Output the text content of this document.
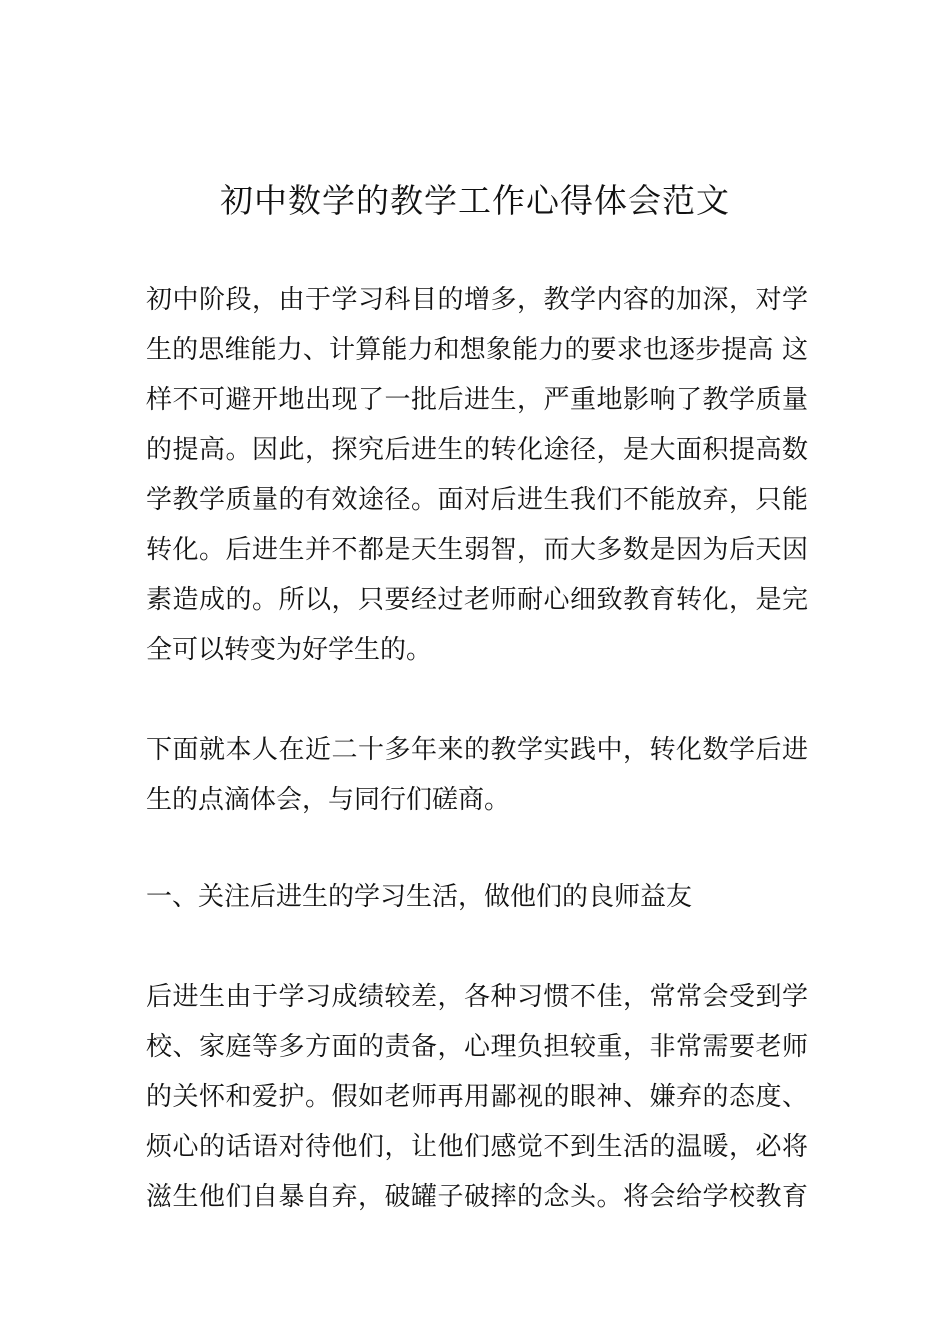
初中数学的教学工作心得体会范文
初中阶段，由于学习科目的增多，教学内容的加深，对学
生的思维能力、计算能力和想象能力的要求也逐步提高 这
样不可避开地出现了一批后进生，严重地影响了教学质量
的提高。因此，探究后进生的转化途径，是大面积提高数
学教学质量的有效途径。面对后进生我们不能放弃，只能
转化。后进生并不都是天生弱智，而大多数是因为后天因
素造成的。所以，只要经过老师耐心细致教育转化，是完
全可以转变为好学生的。
下面就本人在近二十多年来的教学实践中，转化数学后进
生的点滴体会，与同行们磋商。
一、关注后进生的学习生活，做他们的良师益友
后进生由于学习成绩较差，各种习惯不佳，常常会受到学
校、家庭等多方面的责备，心理负担较重，非常需要老师
的关怀和爱护。假如老师再用鄙视的眼神、嫌弃的态度、
烦心的话语对待他们，让他们感觉不到生活的温暖，必将
滋生他们自暴自弃，破罐子破摔的念头。将会给学校教育
